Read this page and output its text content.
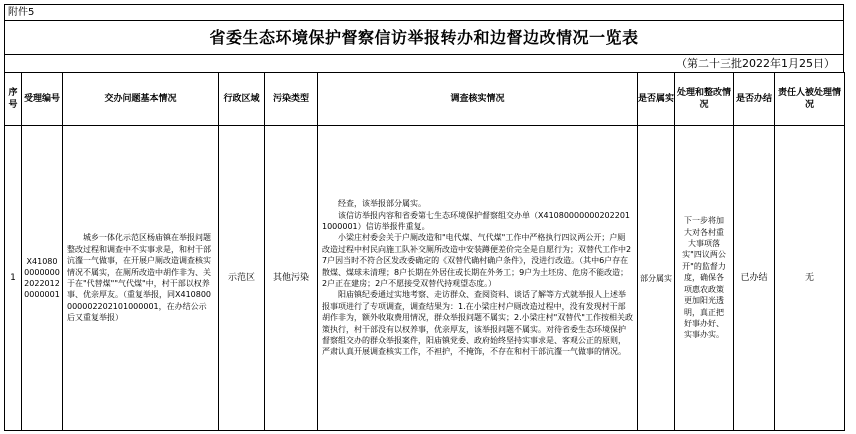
附件5
省委生态环境保护督察信访举报转办和边督边改情况一览表
（第二十三批2022年1月25日）
序号	受理编号	交办问题基本情况	行政区域	污染类型	调查核实情况	是否属实	处理和整改情况	是否办结	责任人被处理情况
1	X41080000000020220120000001	城乡一体化示范区杨庙镇在举报问题整改过程和调查中不实事求是，和村干部沆瀣一气做事，在开展户厕改造调查核实情况不属实，在厕所改造中胡作非为、关于在"代替煤""气代煤"中，村干部以权养事、优亲厚友。（重复举报，同X410800000002202101000001，在办结公示后又重复举报）	示范区	其他污染	经查，该举报部分属实。

该信访举报内容和省委第七生态环境保护督察组交办单（X410800000002022011000001）信访举报件重复。

小梁庄村委会关于户厕改造和"电代煤、气代煤"工作中严格执行四议两公开；户厕改造过程中村民向施工队补交厕所改造中安装蹲便差价完全是自愿行为；双替代工作中27户因当时不符合区发改委确定的《双替代确村确户条件》，没进行改造。（其中6户存在散煤、煤球未清理；8户长期在外居住或长期在外务工；9户为土坯房、危房不能改造；2户正在建房；2户不愿接受双替代持观望态度。）

阳庙镇纪委通过实地考察、走访群众、查阅资料、谈话了解等方式就举报人上述举报事项进行了专项调查，调查结果为：1.在小梁庄村户厕改造过程中，没有发现村干部胡作非为，额外收取费用情况，群众举报问题不属实；2.小梁庄村"双替代"工作按相关政策执行，村干部没有以权养事，优亲厚友，该举报问题不属实。对待省委生态环境保护督察组交办的群众举报案件，阳庙镇党委、政府始终坚持实事求是、客观公正的原则，严肃认真开展调查核实工作，不袒护，不掩饰，不存在和村干部沆瀣一气做事的情况。	部分属实	下一步将加大对各村重大事项落实"四议两公开"的监督力度，确保各项惠农政策更加阳光透明，真正把好事办好、实事办实。	已办结	无
